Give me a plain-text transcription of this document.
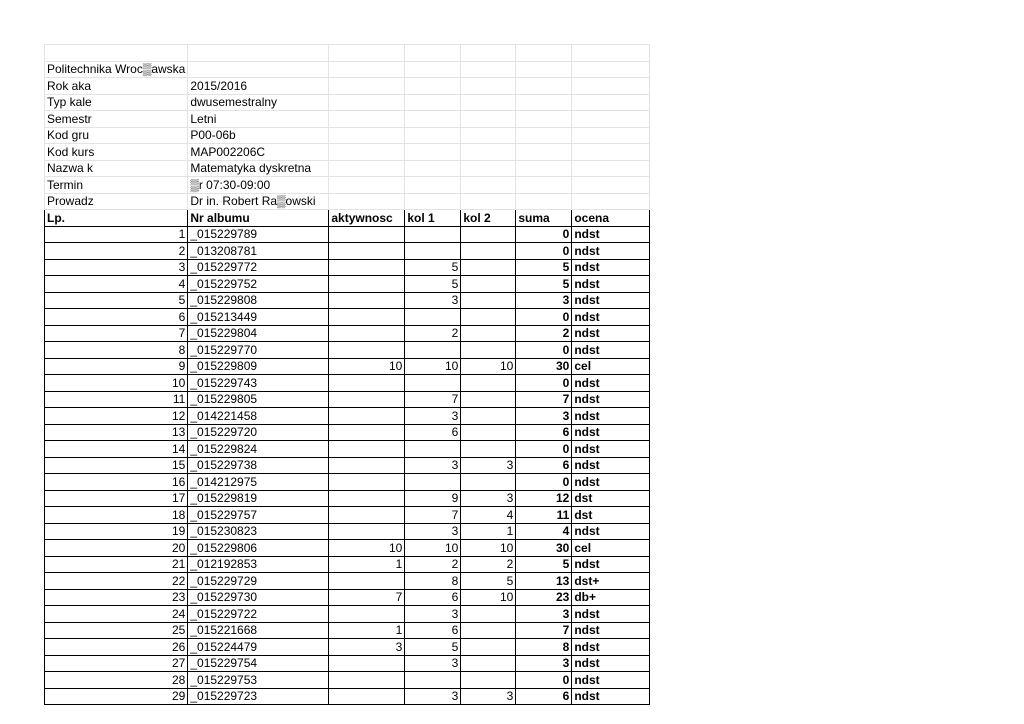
Politechnika Wroc▒awska						
Rok aka	2015/2016					
Typ kale	dwusemestralny					
Semestr	Letni					
Kod gru	P00-06b					
Kod kurs	MAP002206C					
Nazwa k	Matematyka dyskretna					
Termin	▒r 07:30-09:00					
Prowadz	Dr in. Robert Ra▒owski					
Lp.	Nr albumu	aktywnosc	kol 1	kol 2	suma	ocena
1	_015229789				0	ndst
2	_013208781				0	ndst
3	_015229772		5		5	ndst
4	_015229752		5		5	ndst
5	_015229808		3		3	ndst
6	_015213449				0	ndst
7	_015229804		2		2	ndst
8	_015229770				0	ndst
9	_015229809	10	10	10	30	cel
10	_015229743				0	ndst
11	_015229805		7		7	ndst
12	_014221458		3		3	ndst
13	_015229720		6		6	ndst
14	_015229824				0	ndst
15	_015229738		3	3	6	ndst
16	_014212975				0	ndst
17	_015229819		9	3	12	dst
18	_015229757		7	4	11	dst
19	_015230823		3	1	4	ndst
20	_015229806	10	10	10	30	cel
21	_012192853	1	2	2	5	ndst
22	_015229729		8	5	13	dst+
23	_015229730	7	6	10	23	db+
24	_015229722		3		3	ndst
25	_015221668	1	6		7	ndst
26	_015224479	3	5		8	ndst
27	_015229754		3		3	ndst
28	_015229753				0	ndst
29	_015229723		3	3	6	ndst
